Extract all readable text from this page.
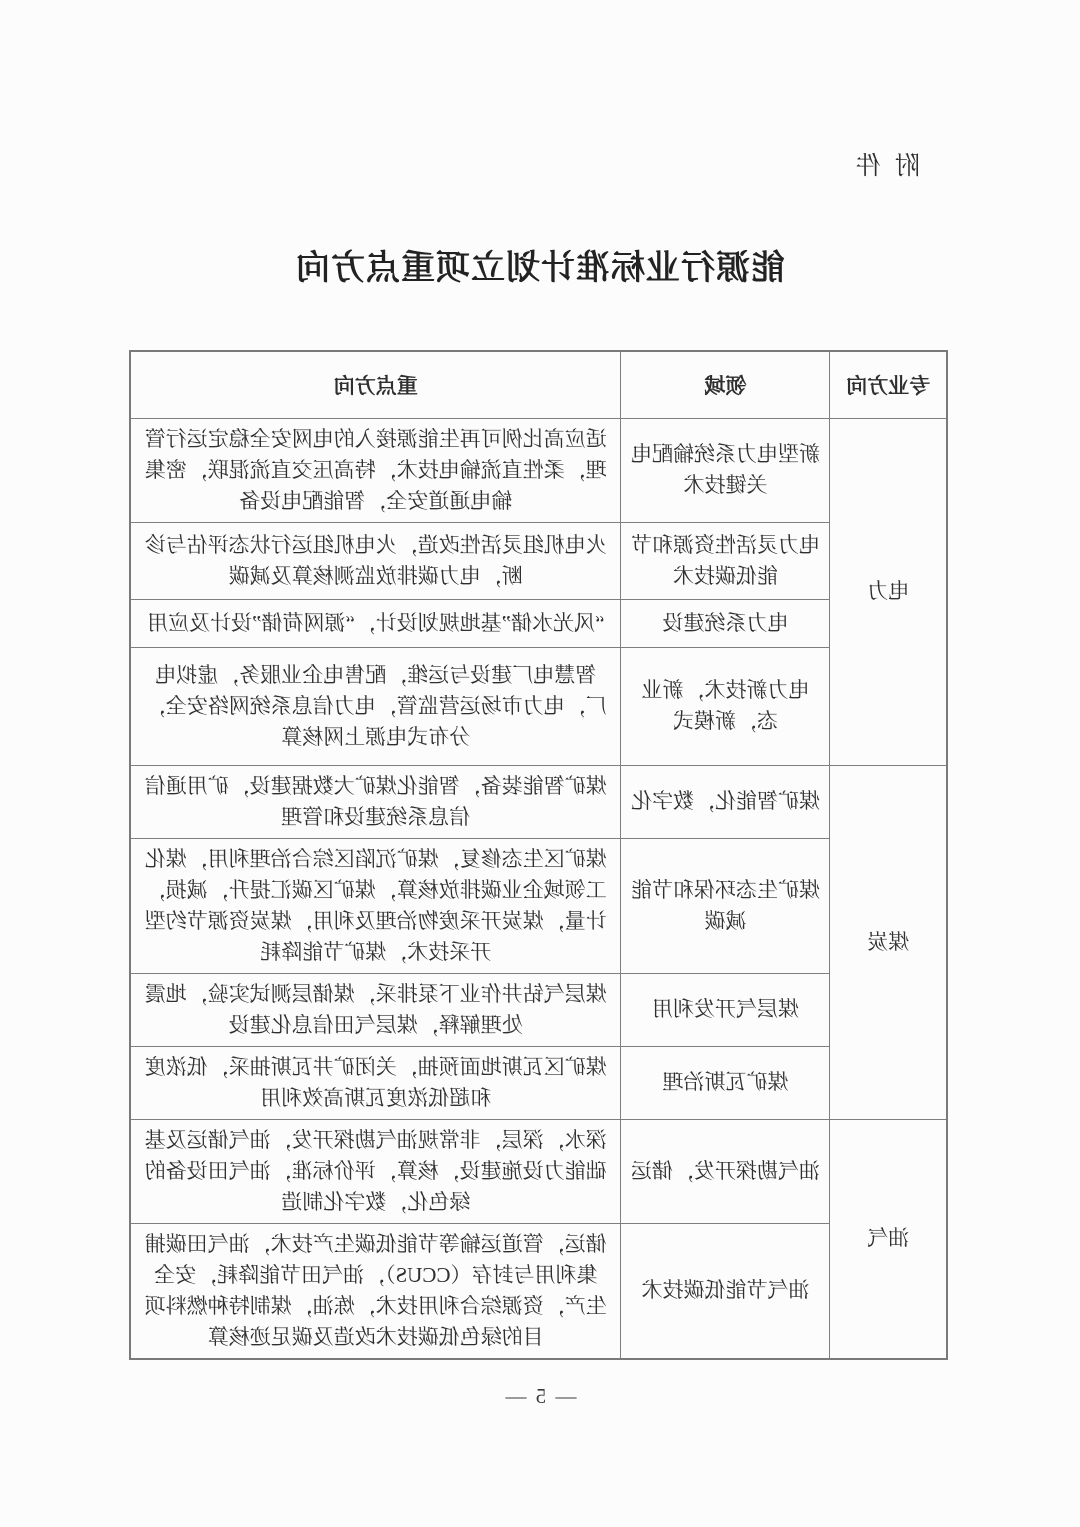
附 件
能源行业标准计划立项重点方向
专业方向	领域	重点方向
电力	新型电力系统输配电关键技术	适应高比例可再生能源接入的电网安全稳定运行管理，柔性直流输电技术，特高压交直流混联，密集输电通道安全，智能配电设备
	电力灵活性资源和节能低碳技术	火电机组灵活性改造，火电机组运行状态评估与诊断，电力碳排放监测核算及减碳
	电力系统建设	“风光水储”基地规划设计，“源网荷储”设计及应用
	电力新技术，新业态，新模式	智慧电厂建设与运维，配售电企业服务，虚拟电厂，电力市场运营监管，电力信息系统网络安全，分布式电源上网核算
煤炭	煤矿智能化，数字化	煤矿智能装备，智能化煤矿大数据建设，矿用通信信息系统建设和管理
	煤矿生态环保和节能减碳	煤矿区生态修复，煤矿沉陷区综合治理利用，煤化工领域企业碳排放核算，煤矿区碳汇提升，减损，计量，煤炭开采废物治理及利用，煤炭资源节约型开采技术，煤矿节能降耗
	煤层气开发利用	煤层气钻井作业下泵排采，煤储层测试实验，地震处理解释，煤层气田信息化建设
	煤矿瓦斯治理	煤矿区瓦斯地面预抽，关闭矿井瓦斯抽采，低浓度和超低浓度瓦斯高效利用
油气	油气勘探开发，储运	深水，深层，非常规油气勘探开发，油气储运及基础能力设施建设，核算，评价标准，油气田设备的绿色化，数字化制造
	油气节能低碳技术	储运，管道运输等节能低碳生产技术，油气田碳捕集利用与封存（CCUS），油气田节能降耗，安全生产，资源综合利用技术，炼油，煤制特种燃料项目的绿色低碳技术改造及碳足迹核算
— 5 —
